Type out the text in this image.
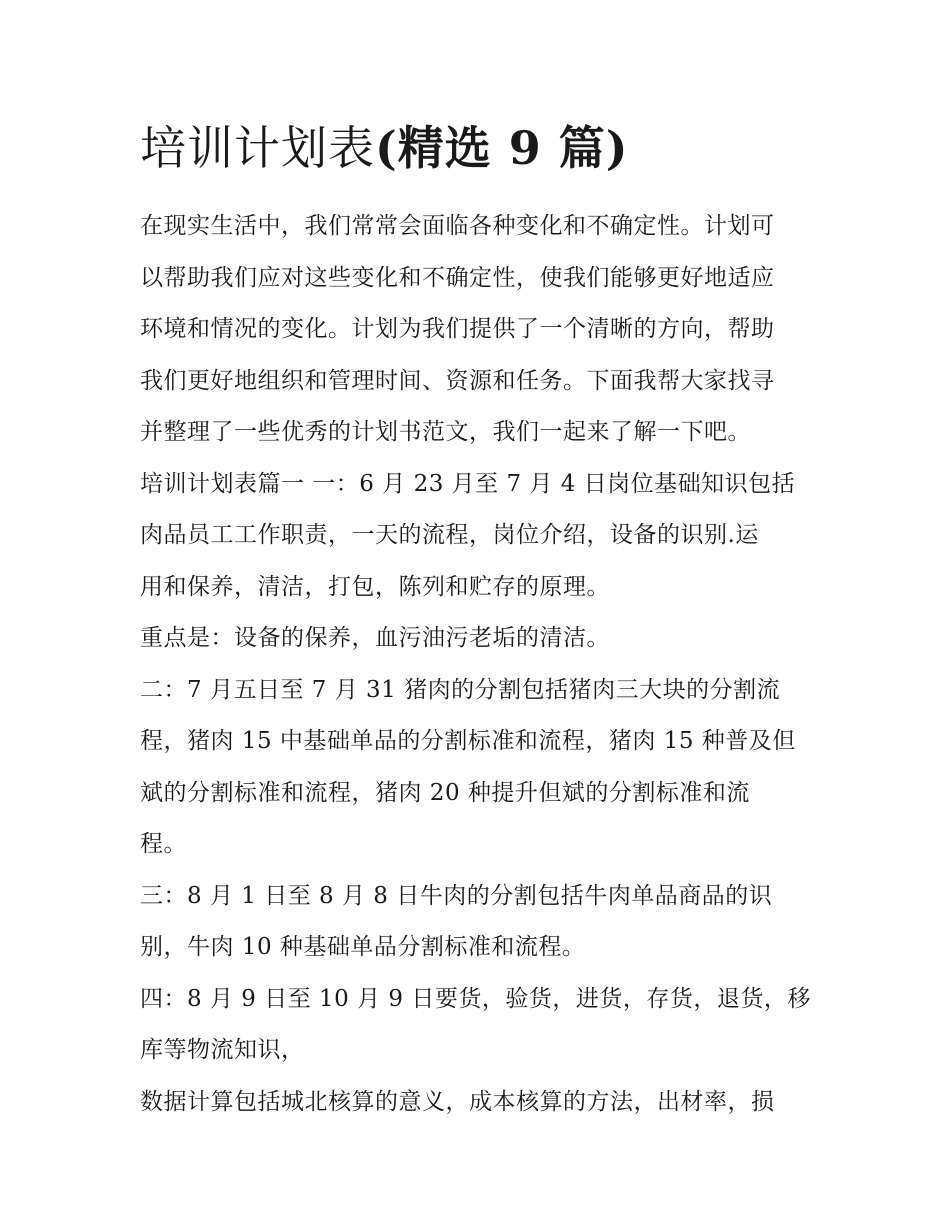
培训计划表(精选 9 篇)
在现实生活中，我们常常会面临各种变化和不确定性。计划可
以帮助我们应对这些变化和不确定性，使我们能够更好地适应
环境和情况的变化。计划为我们提供了一个清晰的方向，帮助
我们更好地组织和管理时间、资源和任务。下面我帮大家找寻
并整理了一些优秀的计划书范文，我们一起来了解一下吧。
培训计划表篇一 一：6 月 23 月至 7 月 4 日岗位基础知识包括
肉品员工工作职责，一天的流程，岗位介绍，设备的识别.运
用和保养，清洁，打包，陈列和贮存的原理。
重点是：设备的保养，血污油污老垢的清洁。
二：7 月五日至 7 月 31 猪肉的分割包括猪肉三大块的分割流
程，猪肉 15 中基础单品的分割标准和流程，猪肉 15 种普及但
斌的分割标准和流程，猪肉 20 种提升但斌的分割标准和流
程。
三：8 月 1 日至 8 月 8 日牛肉的分割包括牛肉单品商品的识
别，牛肉 10 种基础单品分割标准和流程。
四：8 月 9 日至 10 月 9 日要货，验货，进货，存货，退货，移
库等物流知识，
数据计算包括城北核算的意义，成本核算的方法，出材率，损
